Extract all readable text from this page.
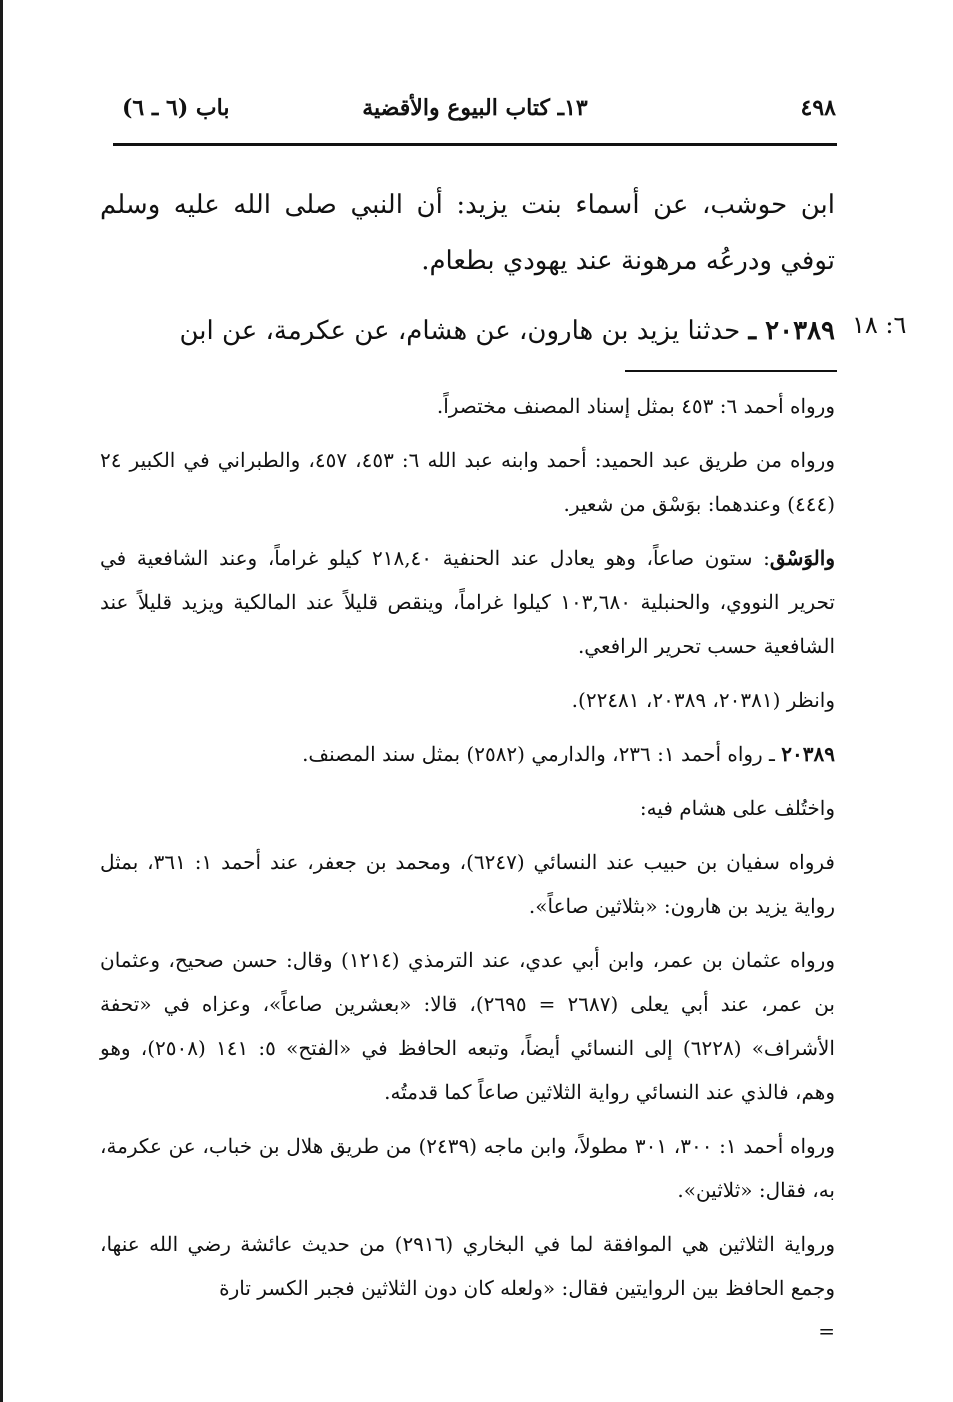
٤٩٨
١٣ـ كتاب البيوع والأقضية
باب (٦ ـ ٦)
ابن حوشب، عن أسماء بنت يزيد: أن النبي صلى الله عليه وسلم توفي ودرعُه مرهونة عند يهودي بطعام.
٢٠٣٨٩ ـ حدثنا يزيد بن هارون، عن هشام، عن عكرمة، عن ابن	٦: ١٨

ورواه أحمد ٦: ٤٥٣ بمثل إسناد المصنف مختصراً.

ورواه من طريق عبد الحميد: أحمد وابنه عبد الله ٦: ٤٥٣، ٤٥٧، والطبراني في الكبير ٢٤ (٤٤٤) وعندهما: بوَسْق من شعير.

والوَسْق: ستون صاعاً، وهو يعادل عند الحنفية ٢١٨,٤٠ كيلو غراماً، وعند الشافعية في تحرير النووي، والحنبلية ١٠٣,٦٨٠ كيلوا غراماً، وينقص قليلاً عند المالكية ويزيد قليلاً عند الشافعية حسب تحرير الرافعي.

وانظر (٢٠٣٨١، ٢٠٣٨٩، ٢٢٤٨١).

٢٠٣٨٩ ـ رواه أحمد ١: ٢٣٦، والدارمي (٢٥٨٢) بمثل سند المصنف.

واختُلف على هشام فيه:

فرواه سفيان بن حبيب عند النسائي (٦٢٤٧)، ومحمد بن جعفر، عند أحمد ١: ٣٦١، بمثل رواية يزيد بن هارون: «بثلاثين صاعاً».

ورواه عثمان بن عمر، وابن أبي عدي، عند الترمذي (١٢١٤) وقال: حسن صحيح، وعثمان بن عمر، عند أبي يعلى (٢٦٨٧ = ٢٦٩٥)، قالا: «بعشرين صاعاً»، وعزاه في «تحفة الأشراف» (٦٢٢٨) إلى النسائي أيضاً، وتبعه الحافظ في «الفتح» ٥: ١٤١ (٢٥٠٨)، وهو وهم، فالذي عند النسائي رواية الثلاثين صاعاً كما قدمتُه.

ورواه أحمد ١: ٣٠٠، ٣٠١ مطولاً، وابن ماجه (٢٤٣٩) من طريق هلال بن خباب، عن عكرمة، به، فقال: «ثلاثين».

ورواية الثلاثين هي الموافقة لما في البخاري (٢٩١٦) من حديث عائشة رضي الله عنها، وجمع الحافظ بين الروايتين فقال: «ولعله كان دون الثلاثين فجبر الكسر تارة

=
